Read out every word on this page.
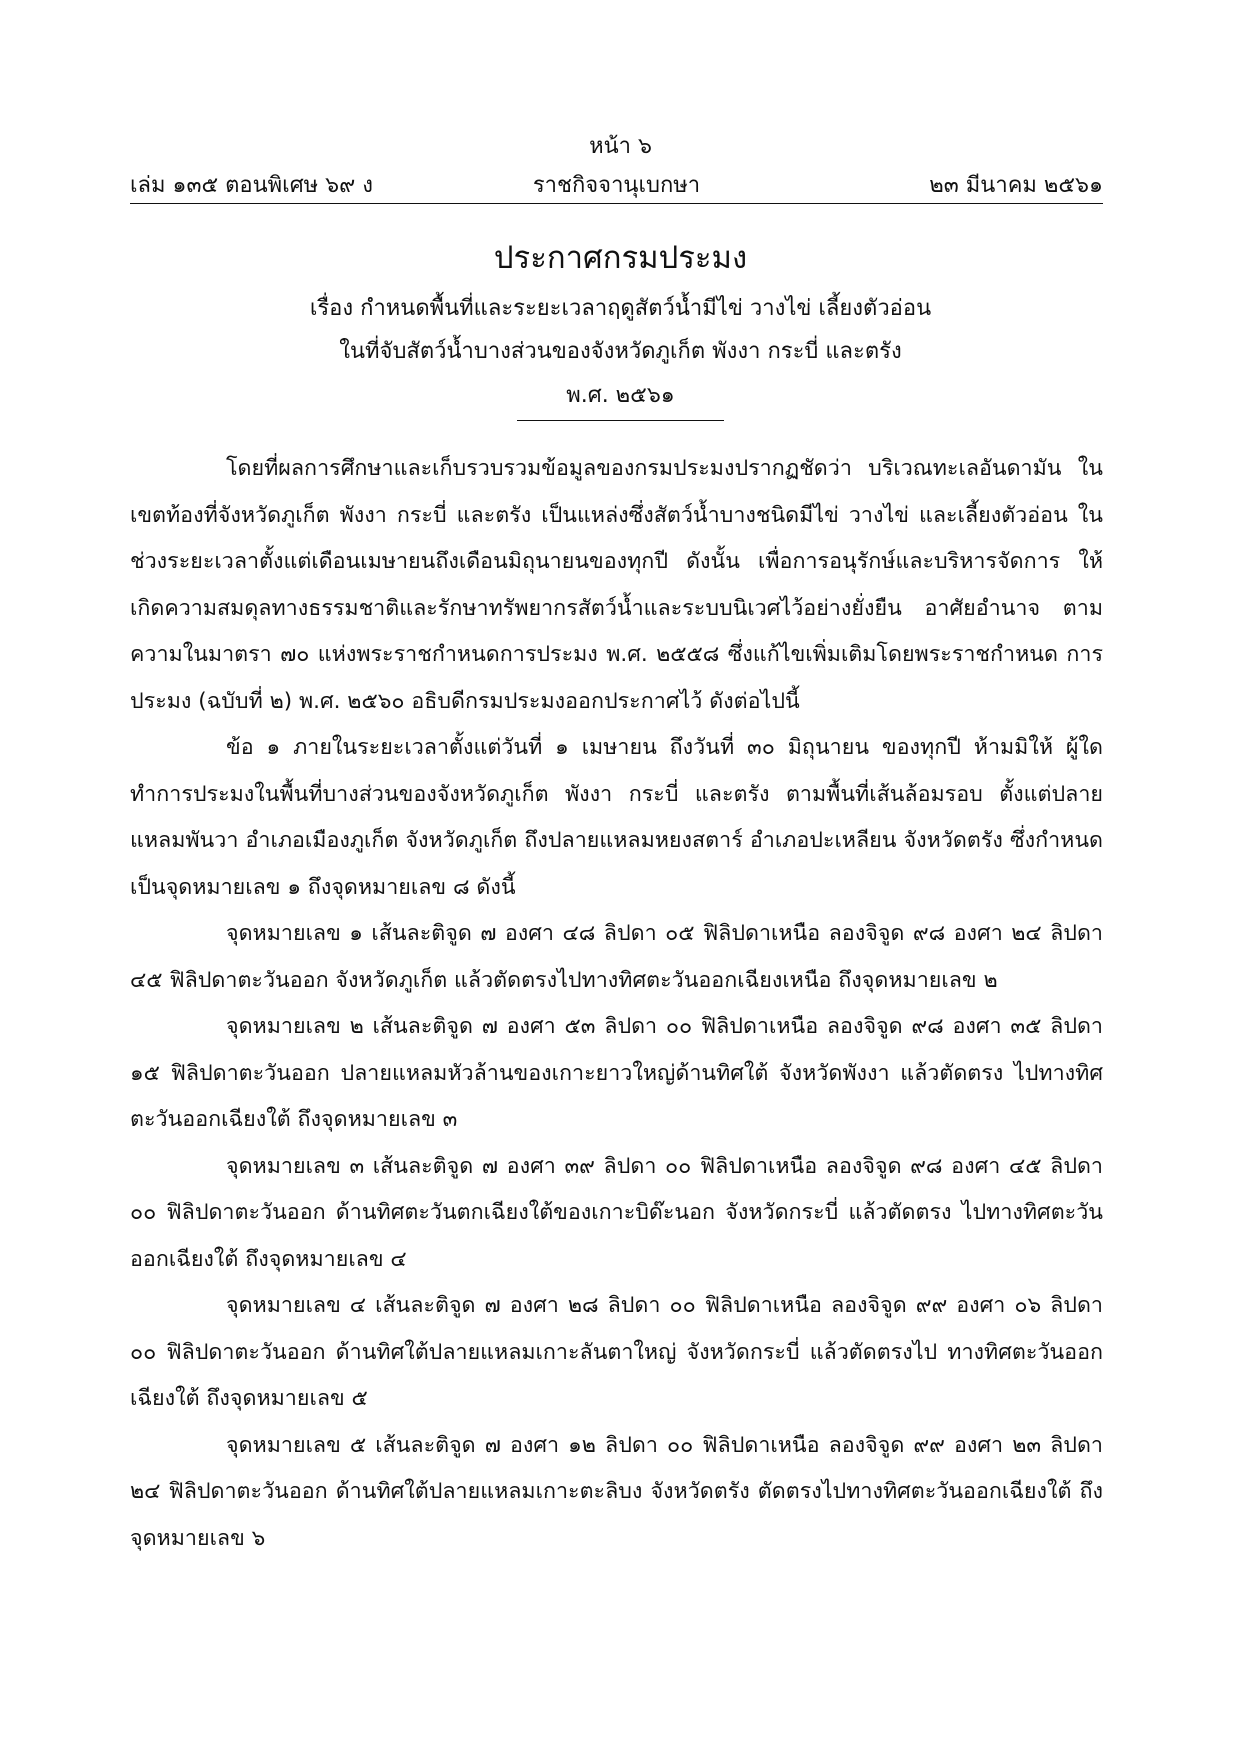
หน้า ๖
ราชกิจจานุเบกษา
เล่ม ๑๓๕ ตอนพิเศษ ๖๙ ง	๒๓ มีนาคม ๒๕๖๑
ประกาศกรมประมง
เรื่อง กำหนดพื้นที่และระยะเวลาฤดูสัตว์น้ำมีไข่ วางไข่ เลี้ยงตัวอ่อน
ในที่จับสัตว์น้ำบางส่วนของจังหวัดภูเก็ต พังงา กระบี่ และตรัง
พ.ศ. ๒๕๖๑

โดยที่ผลการศึกษาและเก็บรวบรวมข้อมูลของกรมประมงปรากฏชัดว่า บริเวณทะเลอันดามัน ในเขตท้องที่จังหวัดภูเก็ต พังงา กระบี่ และตรัง เป็นแหล่งซึ่งสัตว์น้ำบางชนิดมีไข่ วางไข่ และเลี้ยงตัวอ่อน ในช่วงระยะเวลาตั้งแต่เดือนเมษายนถึงเดือนมิถุนายนของทุกปี ดังนั้น เพื่อการอนุรักษ์และบริหารจัดการ ให้เกิดความสมดุลทางธรรมชาติและรักษาทรัพยากรสัตว์น้ำและระบบนิเวศไว้อย่างยั่งยืน อาศัยอำนาจ ตามความในมาตรา ๗๐ แห่งพระราชกำหนดการประมง พ.ศ. ๒๕๕๘ ซึ่งแก้ไขเพิ่มเติมโดยพระราชกำหนด การประมง (ฉบับที่ ๒) พ.ศ. ๒๕๖๐ อธิบดีกรมประมงออกประกาศไว้ ดังต่อไปนี้

ข้อ ๑ ภายในระยะเวลาตั้งแต่วันที่ ๑ เมษายน ถึงวันที่ ๓๐ มิถุนายน ของทุกปี ห้ามมิให้ ผู้ใดทำการประมงในพื้นที่บางส่วนของจังหวัดภูเก็ต พังงา กระบี่ และตรัง ตามพื้นที่เส้นล้อมรอบ ตั้งแต่ปลายแหลมพันวา อำเภอเมืองภูเก็ต จังหวัดภูเก็ต ถึงปลายแหลมหยงสตาร์ อำเภอปะเหลียน จังหวัดตรัง ซึ่งกำหนดเป็นจุดหมายเลข ๑ ถึงจุดหมายเลข ๘ ดังนี้

จุดหมายเลข ๑ เส้นละติจูด ๗ องศา ๔๘ ลิปดา ๐๕ ฟิลิปดาเหนือ ลองจิจูด ๙๘ องศา ๒๔ ลิปดา ๔๕ ฟิลิปดาตะวันออก จังหวัดภูเก็ต แล้วตัดตรงไปทางทิศตะวันออกเฉียงเหนือ ถึงจุดหมายเลข ๒

จุดหมายเลข ๒ เส้นละติจูด ๗ องศา ๕๓ ลิปดา ๐๐ ฟิลิปดาเหนือ ลองจิจูด ๙๘ องศา ๓๕ ลิปดา ๑๕ ฟิลิปดาตะวันออก ปลายแหลมหัวล้านของเกาะยาวใหญ่ด้านทิศใต้ จังหวัดพังงา แล้วตัดตรง ไปทางทิศตะวันออกเฉียงใต้ ถึงจุดหมายเลข ๓

จุดหมายเลข ๓ เส้นละติจูด ๗ องศา ๓๙ ลิปดา ๐๐ ฟิลิปดาเหนือ ลองจิจูด ๙๘ องศา ๔๕ ลิปดา ๐๐ ฟิลิปดาตะวันออก ด้านทิศตะวันตกเฉียงใต้ของเกาะบิด๊ะนอก จังหวัดกระบี่ แล้วตัดตรง ไปทางทิศตะวันออกเฉียงใต้ ถึงจุดหมายเลข ๔

จุดหมายเลข ๔ เส้นละติจูด ๗ องศา ๒๘ ลิปดา ๐๐ ฟิลิปดาเหนือ ลองจิจูด ๙๙ องศา ๐๖ ลิปดา ๐๐ ฟิลิปดาตะวันออก ด้านทิศใต้ปลายแหลมเกาะลันตาใหญ่ จังหวัดกระบี่ แล้วตัดตรงไป ทางทิศตะวันออกเฉียงใต้ ถึงจุดหมายเลข ๕

จุดหมายเลข ๕ เส้นละติจูด ๗ องศา ๑๒ ลิปดา ๐๐ ฟิลิปดาเหนือ ลองจิจูด ๙๙ องศา ๒๓ ลิปดา ๒๔ ฟิลิปดาตะวันออก ด้านทิศใต้ปลายแหลมเกาะตะลิบง จังหวัดตรัง ตัดตรงไปทางทิศตะวันออกเฉียงใต้ ถึงจุดหมายเลข ๖
